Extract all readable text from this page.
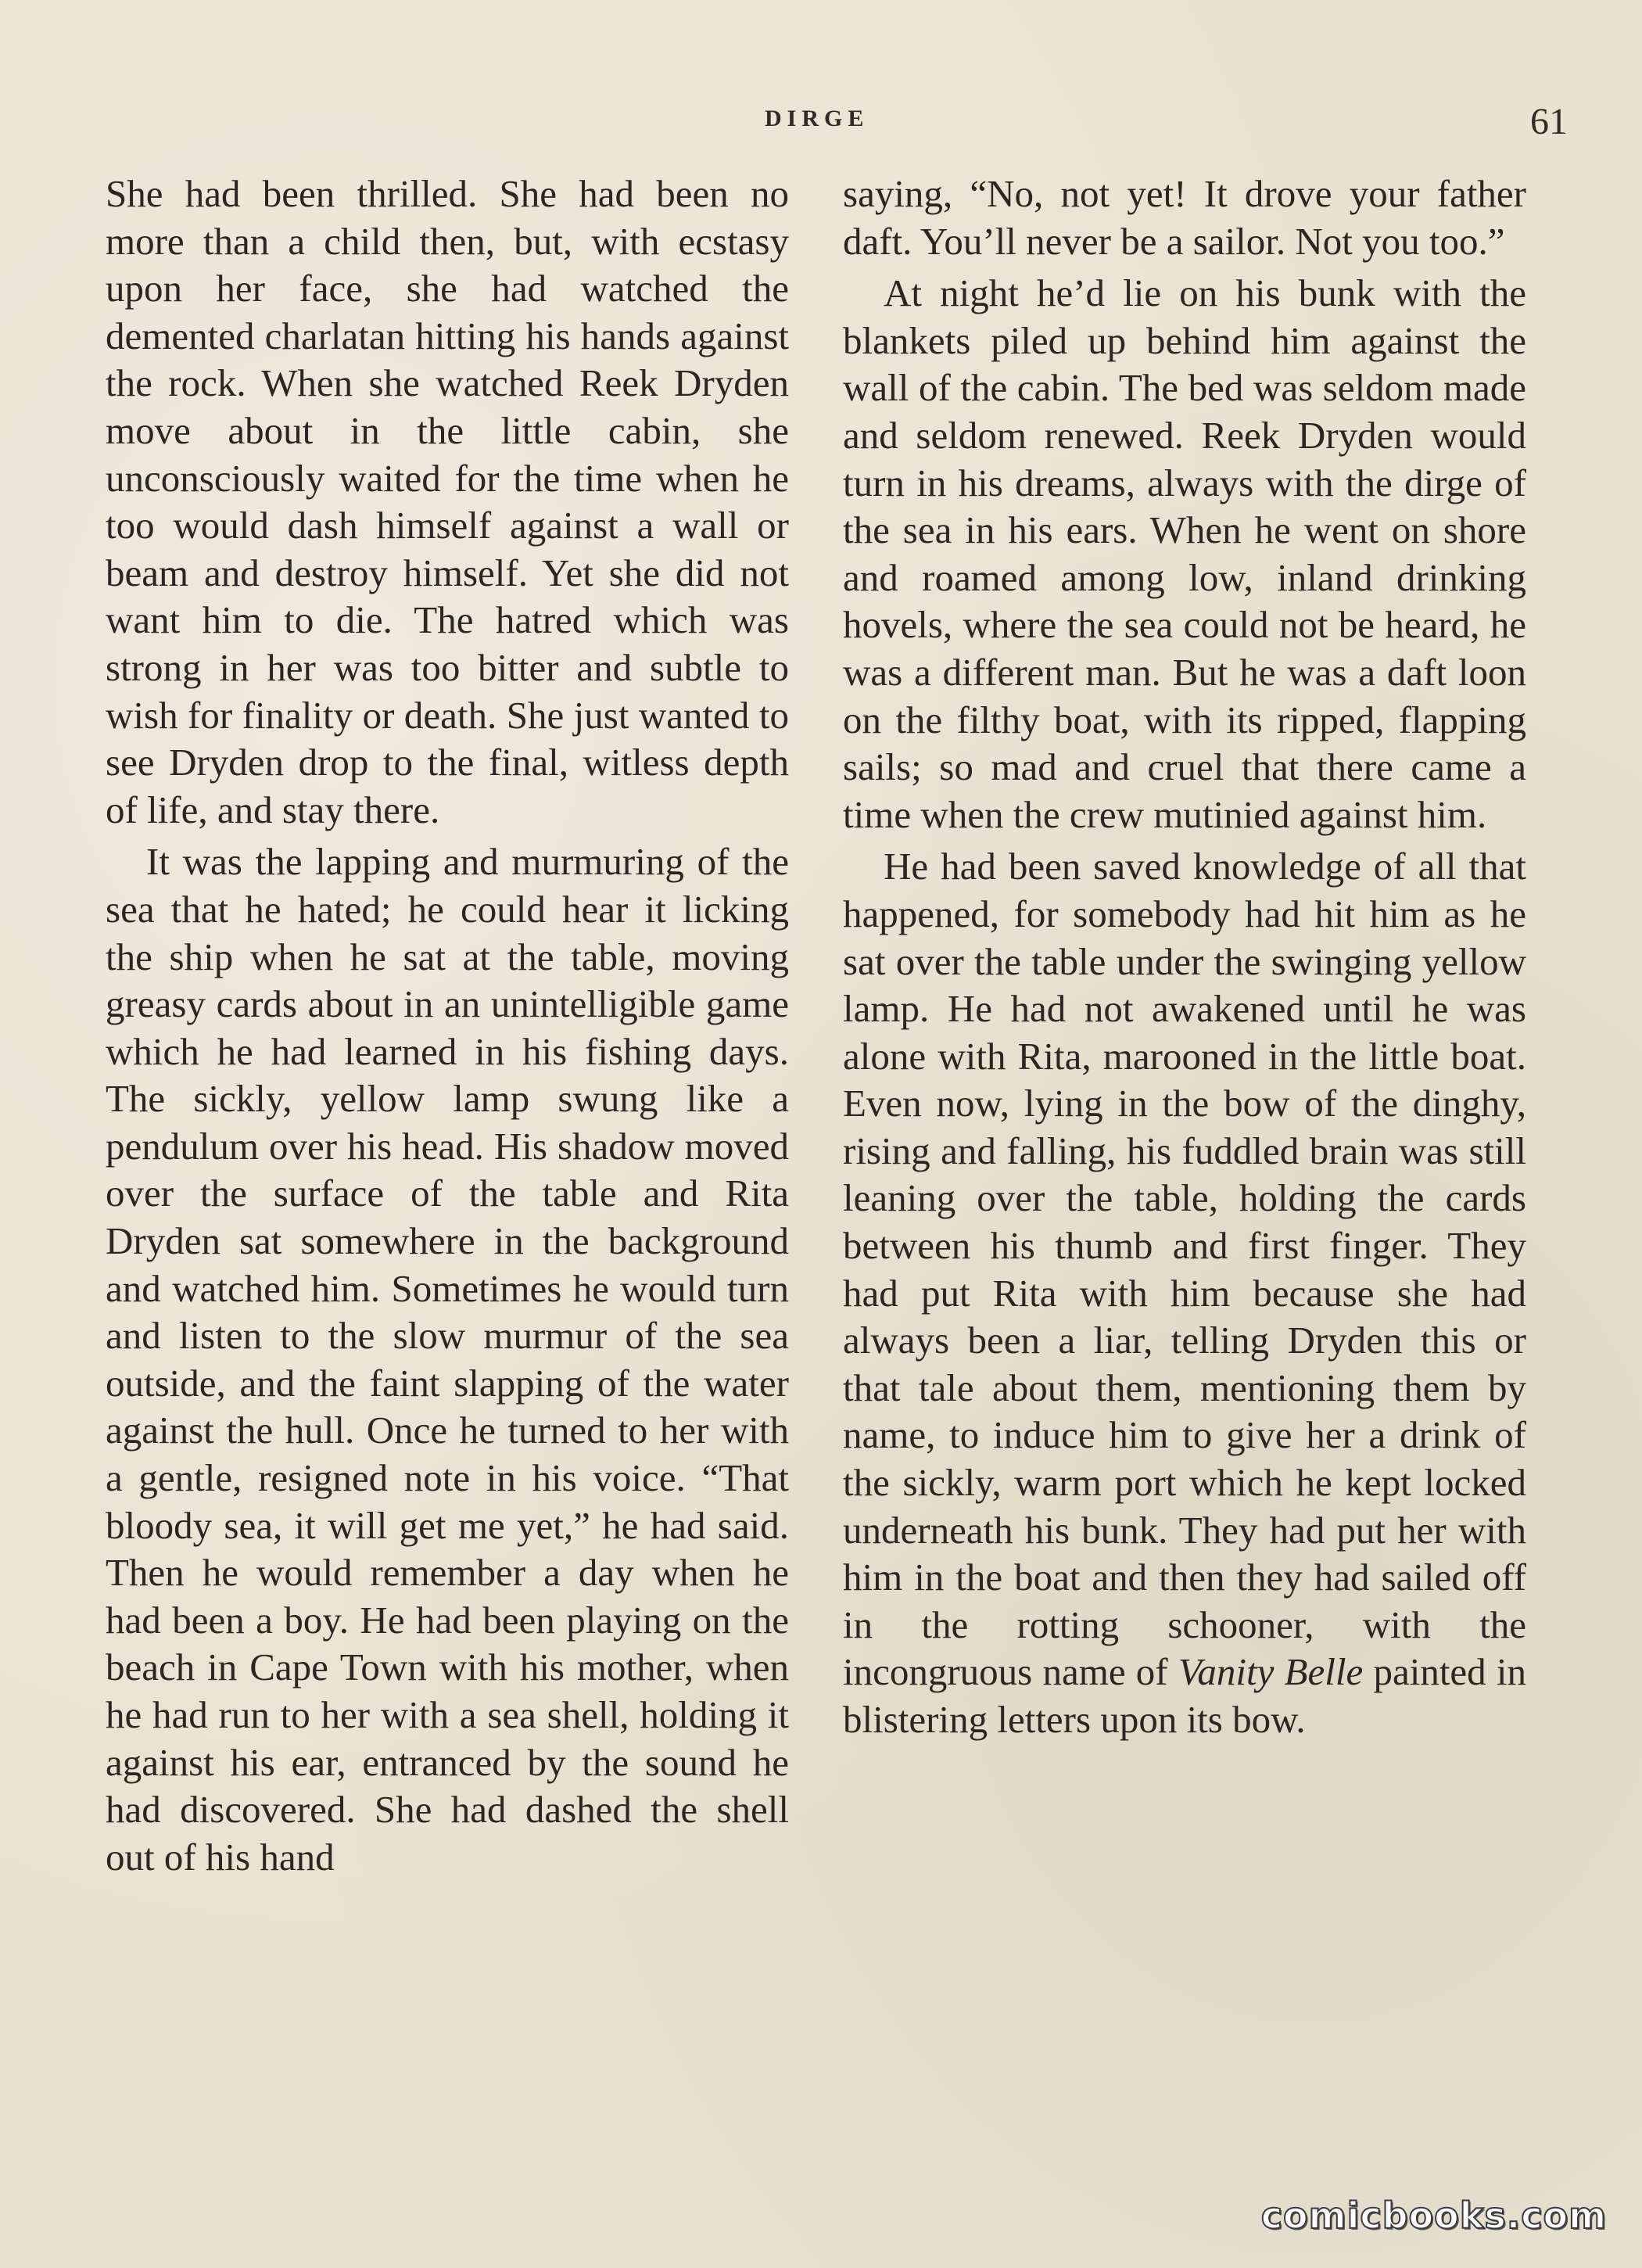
DIRGE	61

She had been thrilled. She had been no more than a child then, but, with ecstasy upon her face, she had watched the demented charlatan hitting his hands against the rock. When she watched Reek Dryden move about in the little cabin, she unconsciously waited for the time when he too would dash himself against a wall or beam and destroy himself. Yet she did not want him to die. The hatred which was strong in her was too bitter and subtle to wish for finality or death. She just wanted to see Dryden drop to the final, witless depth of life, and stay there.

It was the lapping and murmuring of the sea that he hated; he could hear it licking the ship when he sat at the table, moving greasy cards about in an unintelligible game which he had learned in his fishing days. The sickly, yellow lamp swung like a pendulum over his head. His shadow moved over the surface of the table and Rita Dryden sat somewhere in the background and watched him. Sometimes he would turn and listen to the slow murmur of the sea outside, and the faint slapping of the water against the hull. Once he turned to her with a gentle, resigned note in his voice. “That bloody sea, it will get me yet,” he had said. Then he would remember a day when he had been a boy. He had been playing on the beach in Cape Town with his mother, when he had run to her with a sea shell, holding it against his ear, entranced by the sound he had discovered. She had dashed the shell out of his hand

saying, “No, not yet! It drove your father daft. You’ll never be a sailor. Not you too.”

At night he’d lie on his bunk with the blankets piled up behind him against the wall of the cabin. The bed was seldom made and seldom renewed. Reek Dryden would turn in his dreams, always with the dirge of the sea in his ears. When he went on shore and roamed among low, inland drinking hovels, where the sea could not be heard, he was a different man. But he was a daft loon on the filthy boat, with its ripped, flapping sails; so mad and cruel that there came a time when the crew mutinied against him.

He had been saved knowledge of all that happened, for somebody had hit him as he sat over the table under the swinging yellow lamp. He had not awakened until he was alone with Rita, marooned in the little boat. Even now, lying in the bow of the dinghy, rising and falling, his fuddled brain was still leaning over the table, holding the cards between his thumb and first finger. They had put Rita with him because she had always been a liar, telling Dryden this or that tale about them, mentioning them by name, to induce him to give her a drink of the sickly, warm port which he kept locked underneath his bunk. They had put her with him in the boat and then they had sailed off in the rotting schooner, with the incongruous name of Vanity Belle painted in blistering letters upon its bow.

comicbooks.com
